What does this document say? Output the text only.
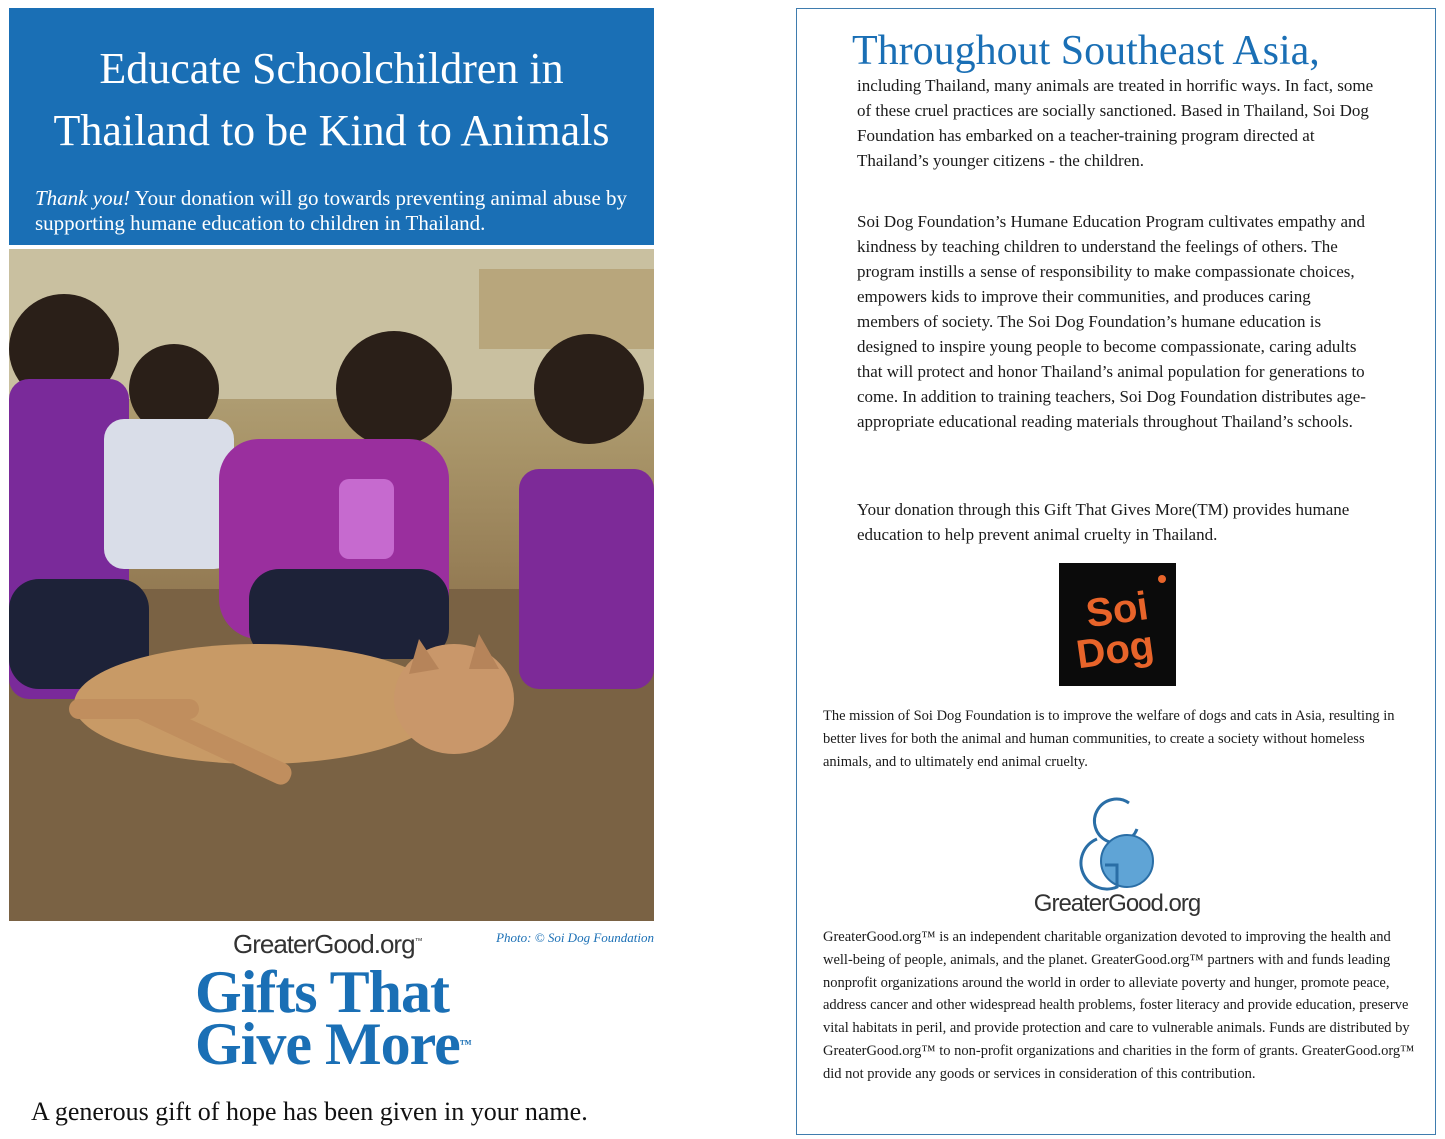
Educate Schoolchildren in
Thailand to be Kind to Animals
Thank you! Your donation will go towards preventing animal abuse by supporting humane education to children in Thailand.
Photo: © Soi Dog Foundation
GreaterGood.org™
Gifts That
Give More™
A generous gift of hope has been given in your name.
Throughout Southeast Asia,
including Thailand, many animals are treated in horrific ways. In fact, some of these cruel practices are socially sanctioned. Based in Thailand, Soi Dog Foundation has embarked on a teacher-training program directed at Thailand’s younger citizens - the children.
Soi Dog Foundation’s Humane Education Program cultivates empathy and kindness by teaching children to understand the feelings of others. The program instills a sense of responsibility to make compassionate choices, empowers kids to improve their communities, and produces caring members of society. The Soi Dog Foundation’s humane education is designed to inspire young people to become compassionate, caring adults that will protect and honor Thailand’s animal population for generations to come. In addition to training teachers, Soi Dog Foundation distributes age-appropriate educational reading materials throughout Thailand’s schools.
Your donation through this Gift That Gives More(TM) provides humane education to help prevent animal cruelty in Thailand.
Soi
Dog
The mission of Soi Dog Foundation is to improve the welfare of dogs and cats in Asia, resulting in better lives for both the animal and human communities, to create a society without homeless animals, and to ultimately end animal cruelty.
GreaterGood.org
GreaterGood.org™ is an independent charitable organization devoted to improving the health and well-being of people, animals, and the planet. GreaterGood.org™ partners with and funds leading nonprofit organizations around the world in order to alleviate poverty and hunger, promote peace, address cancer and other widespread health problems, foster literacy and provide education, preserve vital habitats in peril, and provide protection and care to vulnerable animals. Funds are distributed by GreaterGood.org™ to non-profit organizations and charities in the form of grants. GreaterGood.org™ did not provide any goods or services in consideration of this contribution.
